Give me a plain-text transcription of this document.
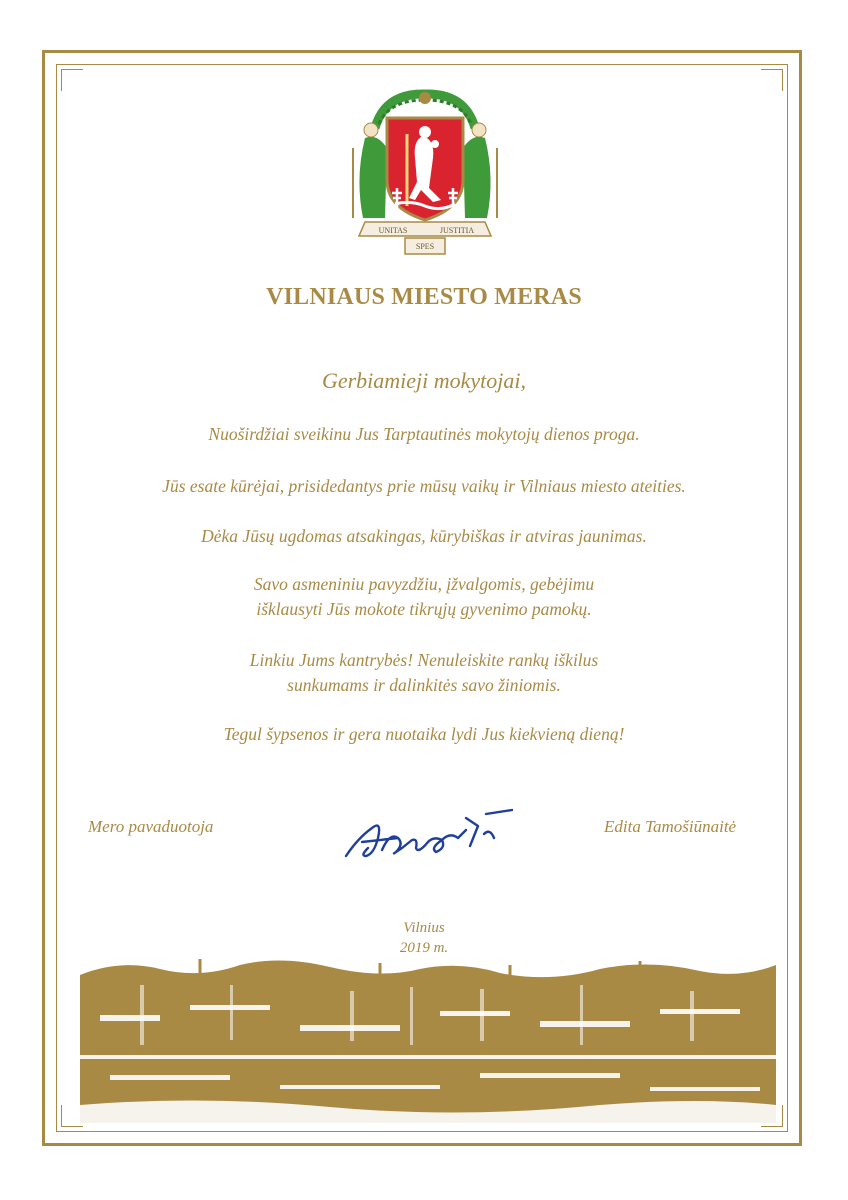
UNITAS	JUSTITIA
SPES
VILNIAUS MIESTO MERAS
Gerbiamieji mokytojai,
Nuoširdžiai sveikinu Jus Tarptautinės mokytojų dienos proga.
Jūs esate kūrėjai, prisidedantys prie mūsų vaikų ir Vilniaus miesto ateities.
Dėka Jūsų ugdomas atsakingas, kūrybiškas ir atviras jaunimas.
Savo asmeniniu pavyzdžiu, įžvalgomis, gebėjimu
išklausyti Jūs mokote tikrųjų gyvenimo pamokų.
Linkiu Jums kantrybės! Nenuleiskite rankų iškilus
sunkumams ir dalinkitės savo žiniomis.
Tegul šypsenos ir gera nuotaika lydi Jus kiekvieną dieną!
Mero pavaduotoja	Edita Tamošiūnaitė
Vilnius
2019 m.
